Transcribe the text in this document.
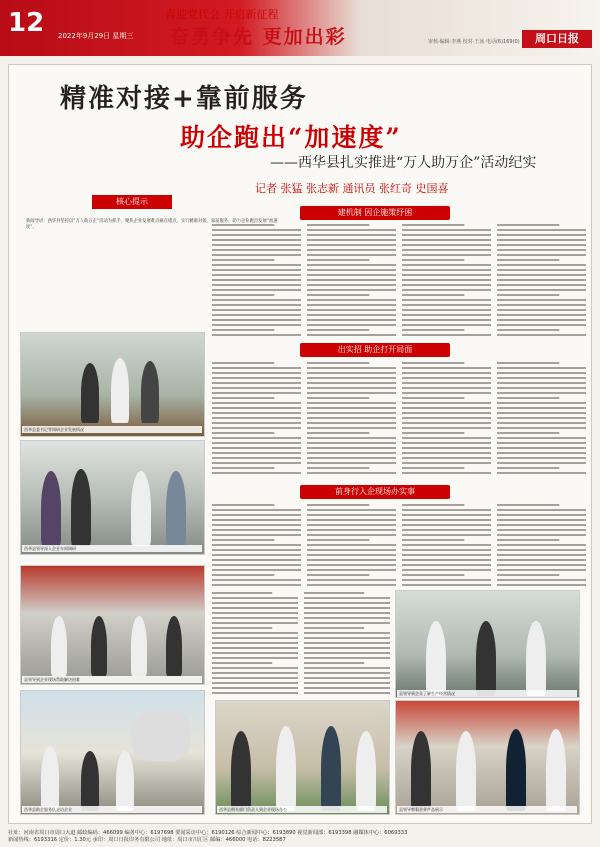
12 2022年9月29日 星期三
喜迎党代会 开启新征程
奋勇争先 更加出彩	审核·编辑·李燕 校对·王冰 电话(6)169(0)	周口日报
精准对接+靠前服务
助企跑出“加速度”
——西华县扎实推进“万人助万企”活动纪实
记者 张猛 张志新 通讯员 张红奇 史国喜
核心提示
新闻导语：西华县坚持以“万人助万企”活动为抓手，聚焦企业发展难点痛点堵点，实行精准对接、靠前服务，助力企业跑出发展“加速度”。
西华县委书记等调研企业发展情况
西华县领导深入企业车间调研
县领导到企业现场帮助解决困难
西华县助企服务队走访企业	西华县相关部门负责人到企业现场办公	县领导察看企业产品展示
县领导到企业了解生产经营情况
建机制 因企施策纾困
出实招 助企打开局面
前身行入企现场办实事
社址：河南省周口市周口大道 邮政编码：466099 编务中心：6197698 要闻采访中心：6190126 综合新闻中心：6193890 视觉新闻部：6193398 融媒体中心：6069333
新闻热线：6193316 定价：1.30元 承印：周口日报印务有限公司 地址：周口市川汇区 邮编：466000 电话：8223587
